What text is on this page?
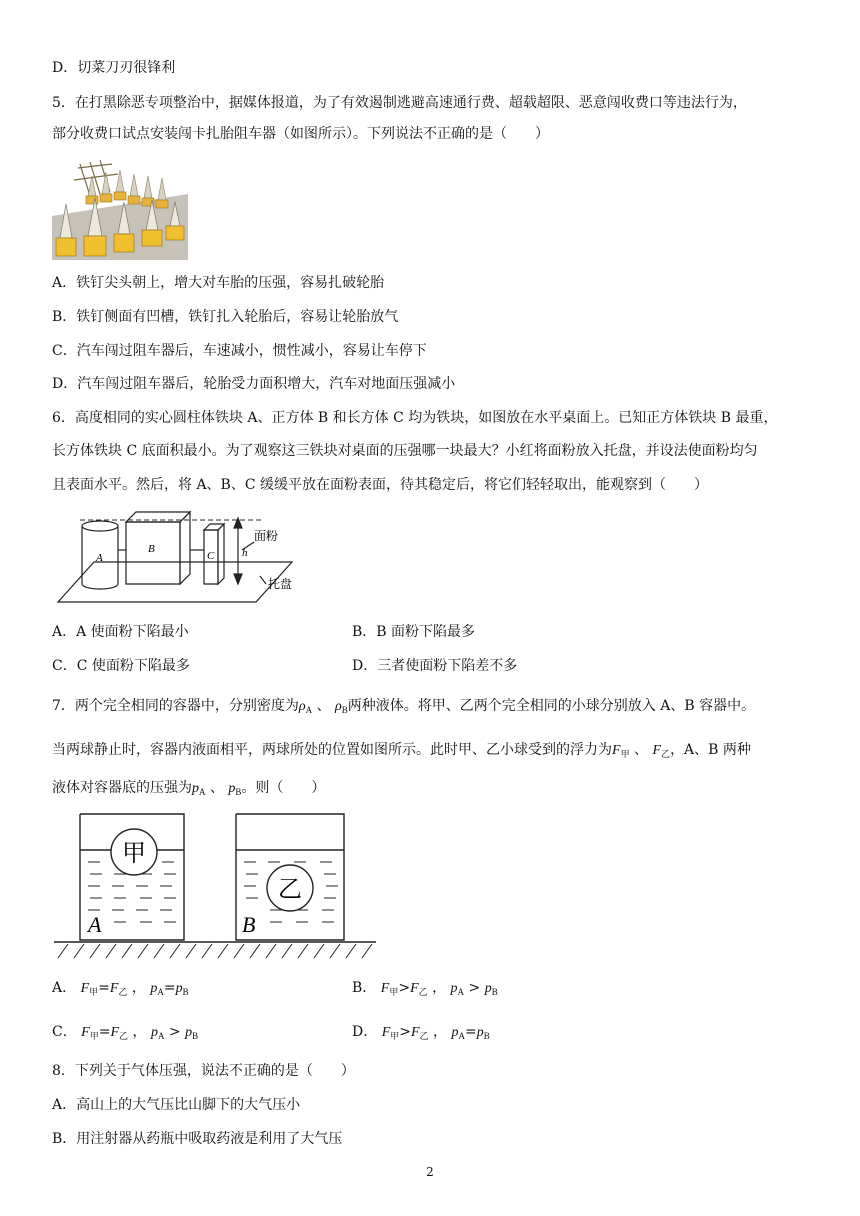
D．切菜刀刃很锋利
5．在打黑除恶专项整治中，据媒体报道，为了有效遏制逃避高速通行费、超载超限、恶意闯收费口等违法行为，
部分收费口试点安装闯卡扎胎阻车器（如图所示）。下列说法不正确的是（　　）
A．铁钉尖头朝上，增大对车胎的压强，容易扎破轮胎
B．铁钉侧面有凹槽，铁钉扎入轮胎后，容易让轮胎放气
C．汽车闯过阻车器后，车速减小，惯性减小，容易让车停下
D．汽车闯过阻车器后，轮胎受力面积增大，汽车对地面压强减小
6．高度相同的实心圆柱体铁块 A、正方体 B 和长方体 C 均为铁块，如图放在水平桌面上。已知正方体铁块 B 最重，
长方体铁块 C 底面积最小。为了观察这三铁块对桌面的压强哪一块最大？小红将面粉放入托盘，并设法使面粉均匀
且表面水平。然后，将 A、B、C 缓缓平放在面粉表面，待其稳定后，将它们轻轻取出，能观察到（　　）
A
B
C	h
面粉
托盘
A．A 使面粉下陷最小	B．B 面粉下陷最多
C．C 使面粉下陷最多	D．三者使面粉下陷差不多
7．两个完全相同的容器中，分别密度为$\rho_A$ 、 $\rho_B$两种液体。将甲、乙两个完全相同的小球分别放入 A、B 容器中。
当两球静止时，容器内液面相平，两球所处的位置如图所示。此时甲、乙小球受到的浮力为$F_甲$ 、 $F_乙$，A、B 两种
液体对容器底的压强为$p_A$ 、 $p_B$。则（　　）
甲
乙
A	B
A． $F_甲=F_乙$ ， $p_A=p_B$	B． $F_甲>F_乙$ ， $p_A > p_B$
C． $F_甲=F_乙$ ， $p_A > p_B$	D． $F_甲>F_乙$ ， $p_A=p_B$
8．下列关于气体压强，说法不正确的是（　　）
A．高山上的大气压比山脚下的大气压小
B．用注射器从药瓶中吸取药液是利用了大气压
2
